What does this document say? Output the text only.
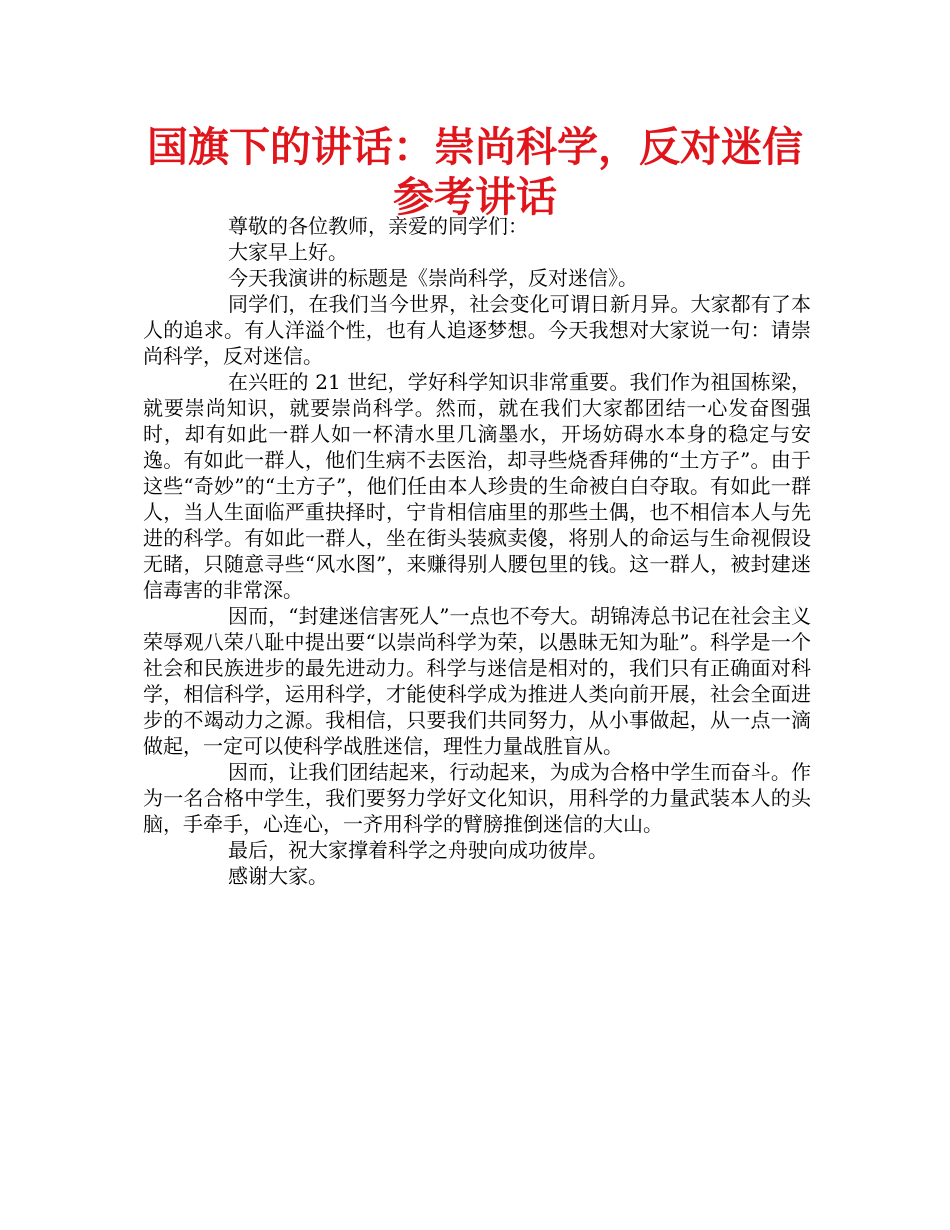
国旗下的讲话：崇尚科学，反对迷信参考讲话

尊敬的各位教师，亲爱的同学们：

大家早上好。

今天我演讲的标题是《崇尚科学，反对迷信》。

同学们，在我们当今世界，社会变化可谓日新月异。大家都有了本人的追求。有人洋溢个性，也有人追逐梦想。今天我想对大家说一句：请崇尚科学，反对迷信。

在兴旺的 21 世纪，学好科学知识非常重要。我们作为祖国栋梁，就要崇尚知识，就要崇尚科学。然而，就在我们大家都团结一心发奋图强时，却有如此一群人如一杯清水里几滴墨水，开场妨碍水本身的稳定与安逸。有如此一群人，他们生病不去医治，却寻些烧香拜佛的“土方子”。由于这些“奇妙”的“土方子”，他们任由本人珍贵的生命被白白夺取。有如此一群人，当人生面临严重抉择时，宁肯相信庙里的那些土偶，也不相信本人与先进的科学。有如此一群人，坐在街头装疯卖傻，将别人的命运与生命视假设无睹，只随意寻些“风水图”，来赚得别人腰包里的钱。这一群人，被封建迷信毒害的非常深。

因而，“封建迷信害死人”一点也不夸大。胡锦涛总书记在社会主义荣辱观八荣八耻中提出要“以崇尚科学为荣，以愚昧无知为耻”。科学是一个社会和民族进步的最先进动力。科学与迷信是相对的，我们只有正确面对科学，相信科学，运用科学，才能使科学成为推进人类向前开展，社会全面进步的不竭动力之源。我相信，只要我们共同努力，从小事做起，从一点一滴做起，一定可以使科学战胜迷信，理性力量战胜盲从。

因而，让我们团结起来，行动起来，为成为合格中学生而奋斗。作为一名合格中学生，我们要努力学好文化知识，用科学的力量武装本人的头脑，手牵手，心连心，一齐用科学的臂膀推倒迷信的大山。

最后，祝大家撑着科学之舟驶向成功彼岸。

感谢大家。
